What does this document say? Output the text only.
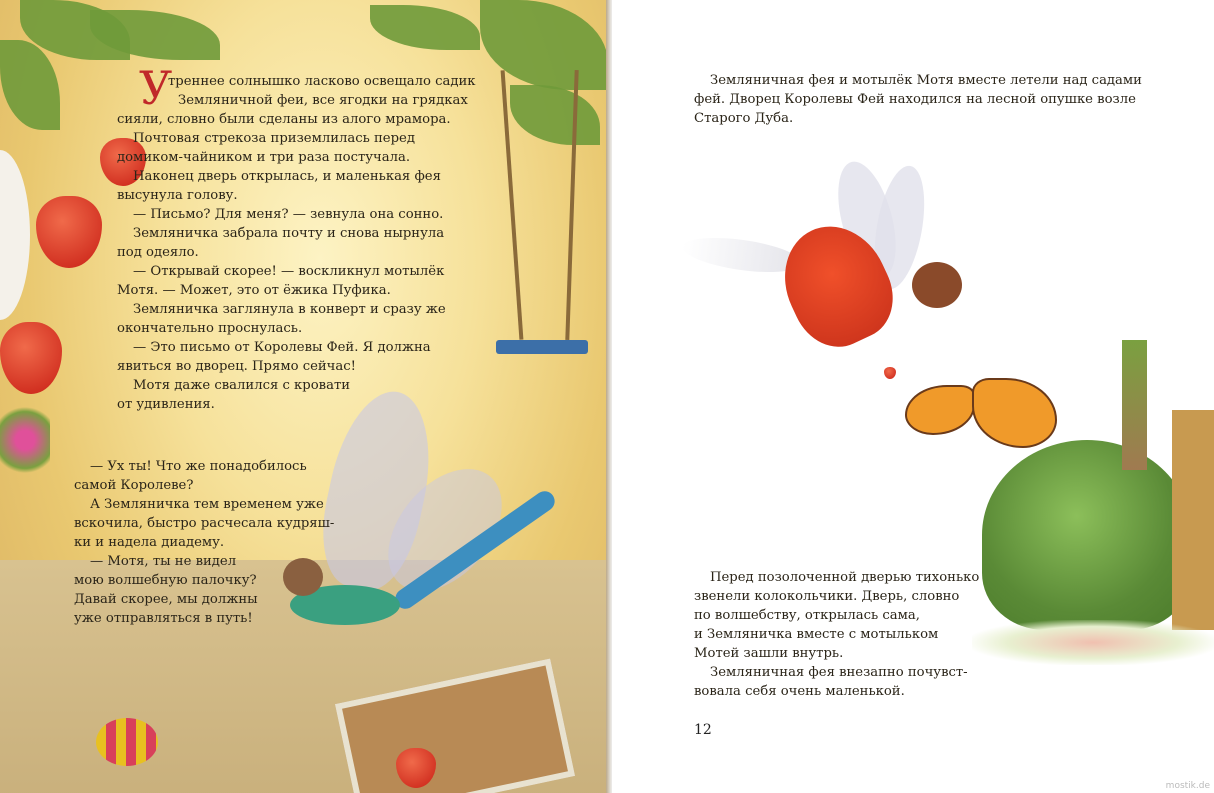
У
треннее солнышко ласково освещало садик
Земляничной феи, все ягодки на грядках
сияли, словно были сделаны из алого мрамора.
Почтовая стрекоза приземлилась перед
домиком-чайником и три раза постучала.
Наконец дверь открылась, и маленькая фея
высунула голову.
— Письмо? Для меня? — зевнула она сонно.
Земляничка забрала почту и снова нырнула
под одеяло.
— Открывай скорее! — воскликнул мотылёк
Мотя. — Может, это от ёжика Пуфика.
Земляничка заглянула в конверт и сразу же
окончательно проснулась.
— Это письмо от Королевы Фей. Я должна
явиться во дворец. Прямо сейчас!
Мотя даже свалился с кровати
от удивления.
— Ух ты! Что же понадобилось
самой Королеве?
А Земляничка тем временем уже
вскочила, быстро расчесала кудряш-
ки и надела диадему.
— Мотя, ты не видел
мою волшебную палочку?
Давай скорее, мы должны
уже отправляться в путь!
Земляничная фея и мотылёк Мотя вместе летели над садами
фей. Дворец Королевы Фей находился на лесной опушке возле
Старого Дуба.
Перед позолоченной дверью тихонько
звенели колокольчики. Дверь, словно
по волшебству, открылась сама,
и Земляничка вместе с мотыльком
Мотей зашли внутрь.
Земляничная фея внезапно почувст-
вовала себя очень маленькой.
12
mostik.de
